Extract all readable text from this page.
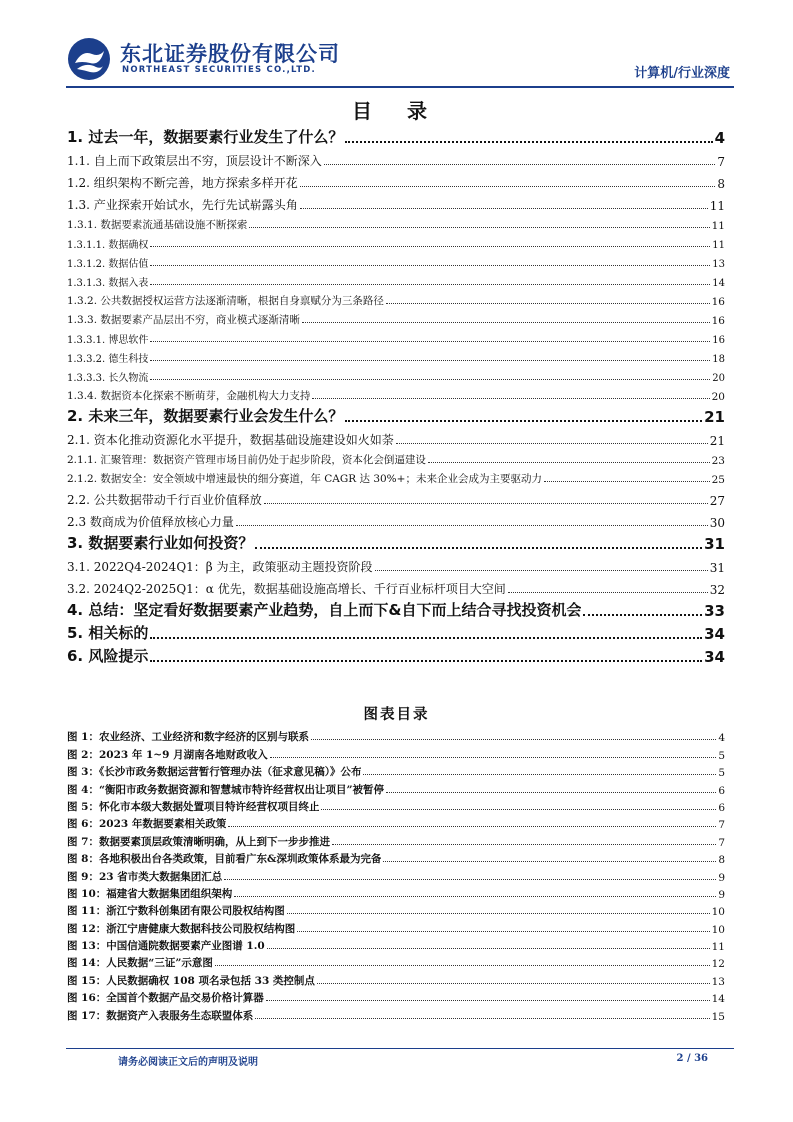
东北证券股份有限公司
NORTHEAST SECURITIES CO.,LTD.	计算机/行业深度
目 录
1. 过去一年，数据要素行业发生了什么？	4
1.1. 自上而下政策层出不穷，顶层设计不断深入	7
1.2. 组织架构不断完善，地方探索多样开花	8
1.3. 产业探索开始试水，先行先试崭露头角	11
1.3.1. 数据要素流通基础设施不断探索	11
1.3.1.1. 数据确权	11
1.3.1.2. 数据估值	13
1.3.1.3. 数据入表	14
1.3.2. 公共数据授权运营方法逐渐清晰，根据自身禀赋分为三条路径	16
1.3.3. 数据要素产品层出不穷，商业模式逐渐清晰	16
1.3.3.1. 博思软件	16
1.3.3.2. 德生科技	18
1.3.3.3. 长久物流	20
1.3.4. 数据资本化探索不断萌芽，金融机构大力支持	20
2. 未来三年，数据要素行业会发生什么？	21
2.1. 资本化推动资源化水平提升，数据基础设施建设如火如荼	21
2.1.1. 汇聚管理：数据资产管理市场目前仍处于起步阶段，资本化会倒逼建设	23
2.1.2. 数据安全：安全领域中增速最快的细分赛道，年 CAGR 达 30%+；未来企业会成为主要驱动力	25
2.2. 公共数据带动千行百业价值释放	27
2.3 数商成为价值释放核心力量	30
3. 数据要素行业如何投资？	31
3.1. 2022Q4-2024Q1：β 为主，政策驱动主题投资阶段	31
3.2. 2024Q2-2025Q1：α 优先，数据基础设施高增长、千行百业标杆项目大空间	32
4. 总结：坚定看好数据要素产业趋势，自上而下&自下而上结合寻找投资机会	33
5. 相关标的	34
6. 风险提示	34
图表目录
图 1：农业经济、工业经济和数字经济的区别与联系	4
图 2：2023 年 1~9 月湖南各地财政收入	5
图 3：《长沙市政务数据运营暂行管理办法（征求意见稿）》公布	5
图 4：“衡阳市政务数据资源和智慧城市特许经营权出让项目”被暂停	6
图 5：怀化市本级大数据处置项目特许经营权项目终止	6
图 6：2023 年数据要素相关政策	7
图 7：数据要素顶层政策清晰明确，从上到下一步步推进	7
图 8：各地积极出台各类政策，目前看广东&深圳政策体系最为完备	8
图 9：23 省市类大数据集团汇总	9
图 10：福建省大数据集团组织架构	9
图 11：浙江宁数科创集团有限公司股权结构图	10
图 12：浙江宁唐健康大数据科技公司股权结构图	10
图 13：中国信通院数据要素产业图谱 1.0	11
图 14：人民数据“三证”示意图	12
图 15：人民数据确权 108 项名录包括 33 类控制点	13
图 16：全国首个数据产品交易价格计算器	14
图 17：数据资产入表服务生态联盟体系	15
请务必阅读正文后的声明及说明	2 / 36
